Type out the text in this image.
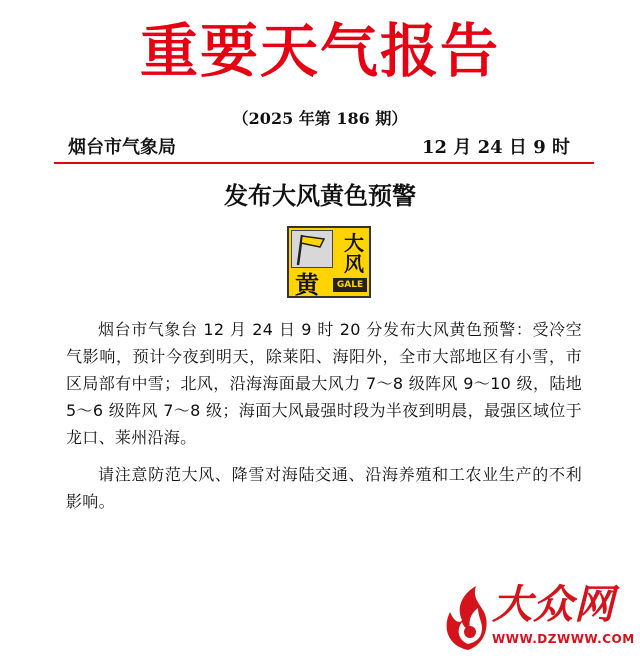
重要天气报告
（2025 年第 186 期）
烟台市气象局	12 月 24 日 9 时
发布大风黄色预警
大
风
黄	GALE

烟台市气象台 12 月 24 日 9 时 20 分发布大风黄色预警：受冷空气影响，预计今夜到明天，除莱阳、海阳外，全市大部地区有小雪，市区局部有中雪；北风，沿海海面最大风力 7～8 级阵风 9～10 级，陆地 5～6 级阵风 7～8 级；海面大风最强时段为半夜到明晨，最强区域位于龙口、莱州沿海。

请注意防范大风、降雪对海陆交通、沿海养殖和工农业生产的不利影响。

大众网
WWW.DZWWW.COM
